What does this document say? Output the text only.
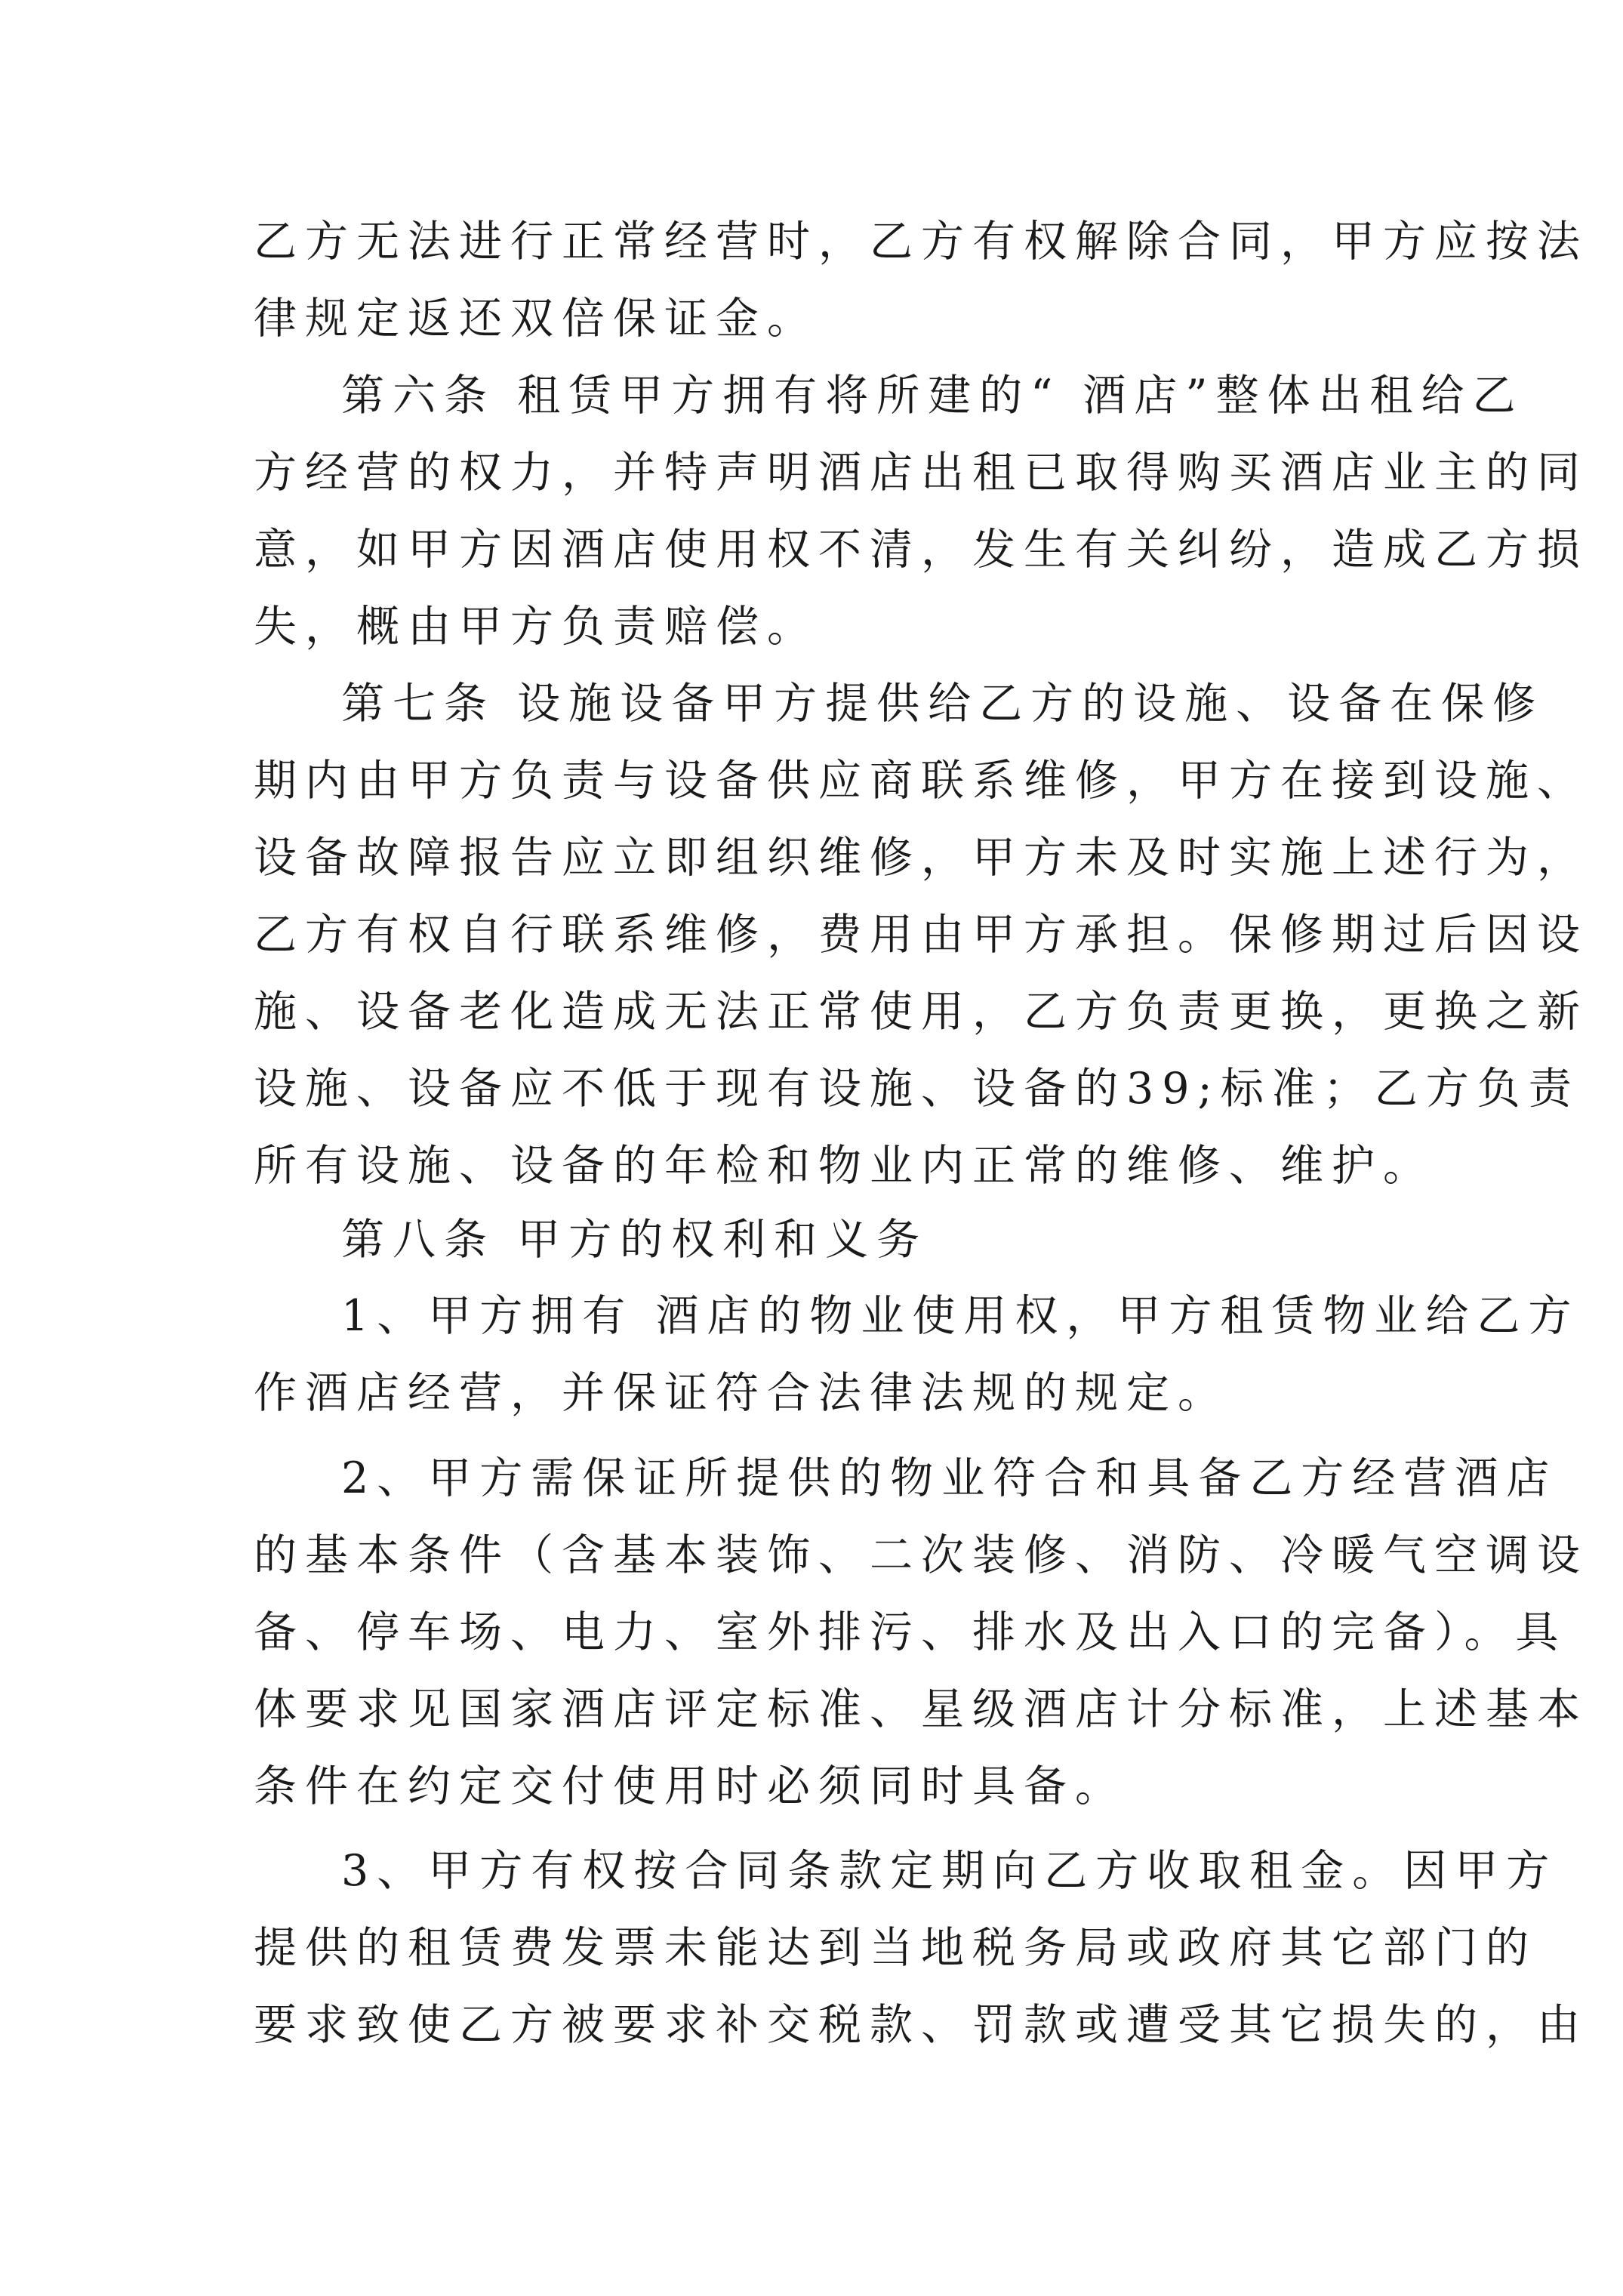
乙方无法进行正常经营时，乙方有权解除合同，甲方应按法
律规定返还双倍保证金。
第六条 租赁甲方拥有将所建的“ 酒店”整体出租给乙
方经营的权力，并特声明酒店出租已取得购买酒店业主的同
意，如甲方因酒店使用权不清，发生有关纠纷，造成乙方损
失，概由甲方负责赔偿。
第七条 设施设备甲方提供给乙方的设施、设备在保修
期内由甲方负责与设备供应商联系维修，甲方在接到设施、
设备故障报告应立即组织维修，甲方未及时实施上述行为，
乙方有权自行联系维修，费用由甲方承担。保修期过后因设
施、设备老化造成无法正常使用，乙方负责更换，更换之新
设施、设备应不低于现有设施、设备的39;标准；乙方负责
所有设施、设备的年检和物业内正常的维修、维护。
第八条 甲方的权利和义务
1、甲方拥有 酒店的物业使用权，甲方租赁物业给乙方
作酒店经营，并保证符合法律法规的规定。
2、甲方需保证所提供的物业符合和具备乙方经营酒店
的基本条件（含基本装饰、二次装修、消防、冷暖气空调设
备、停车场、电力、室外排污、排水及出入口的完备）。具
体要求见国家酒店评定标准、星级酒店计分标准，上述基本
条件在约定交付使用时必须同时具备。
3、甲方有权按合同条款定期向乙方收取租金。因甲方
提供的租赁费发票未能达到当地税务局或政府其它部门的
要求致使乙方被要求补交税款、罚款或遭受其它损失的，由
